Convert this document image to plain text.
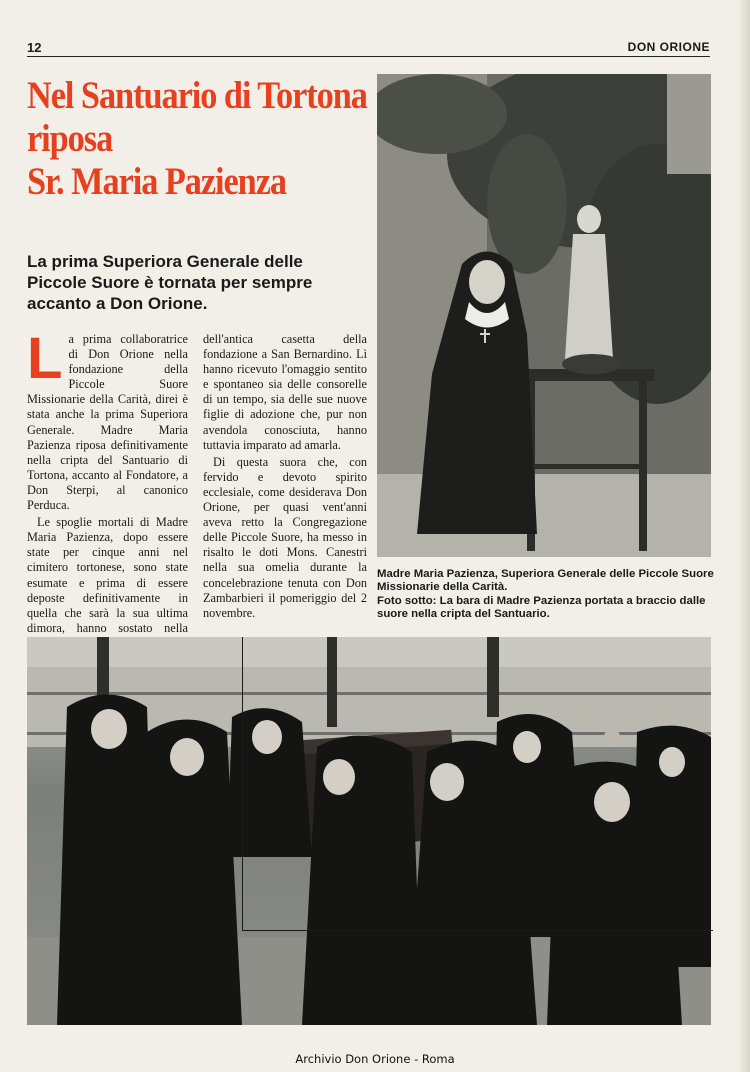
12	DON ORIONE
Nel Santuario di Tortona
riposa
Sr. Maria Pazienza
La prima Superiora Generale delle Piccole Suore è tornata per sempre accanto a Don Orione.

La prima collaboratrice di Don Orione nella fondazione della Piccole Suore Missionarie della Carità, direi è stata anche la prima Superiora Generale. Madre Maria Pazienza riposa definitivamente nella cripta del Santuario di Tortona, accanto al Fondatore, a Don Sterpi, al canonico Perduca.

Le spoglie mortali di Madre Maria Pazienza, dopo essere state per cinque anni nel cimitero tortonese, sono state esumate e prima di essere deposte definitivamente in quella che sarà la sua ultima dimora, hanno sostato nella

dell'antica casetta della fondazione a San Bernardino. Lì hanno ricevuto l'omaggio sentito e spontaneo sia delle consorelle di un tempo, sia delle sue nuove figlie di adozione che, pur non avendola conosciuta, hanno tuttavia imparato ad amarla.

Di questa suora che, con fervido e devoto spirito ecclesiale, come desiderava Don Orione, per quasi vent'anni aveva retto la Congregazione delle Piccole Suore, ha messo in risalto le doti Mons. Canestri nella sua omelia durante la concelebrazione tenuta con Don Zambarbieri il pomeriggio del 2 novembre.

Madre Maria Pazienza, Superiora Generale delle Piccole Suore Missionarie della Carità.

Foto sotto: La bara di Madre Pazienza portata a braccio dalle suore nella cripta del Santuario.

Archivio Don Orione - Roma
